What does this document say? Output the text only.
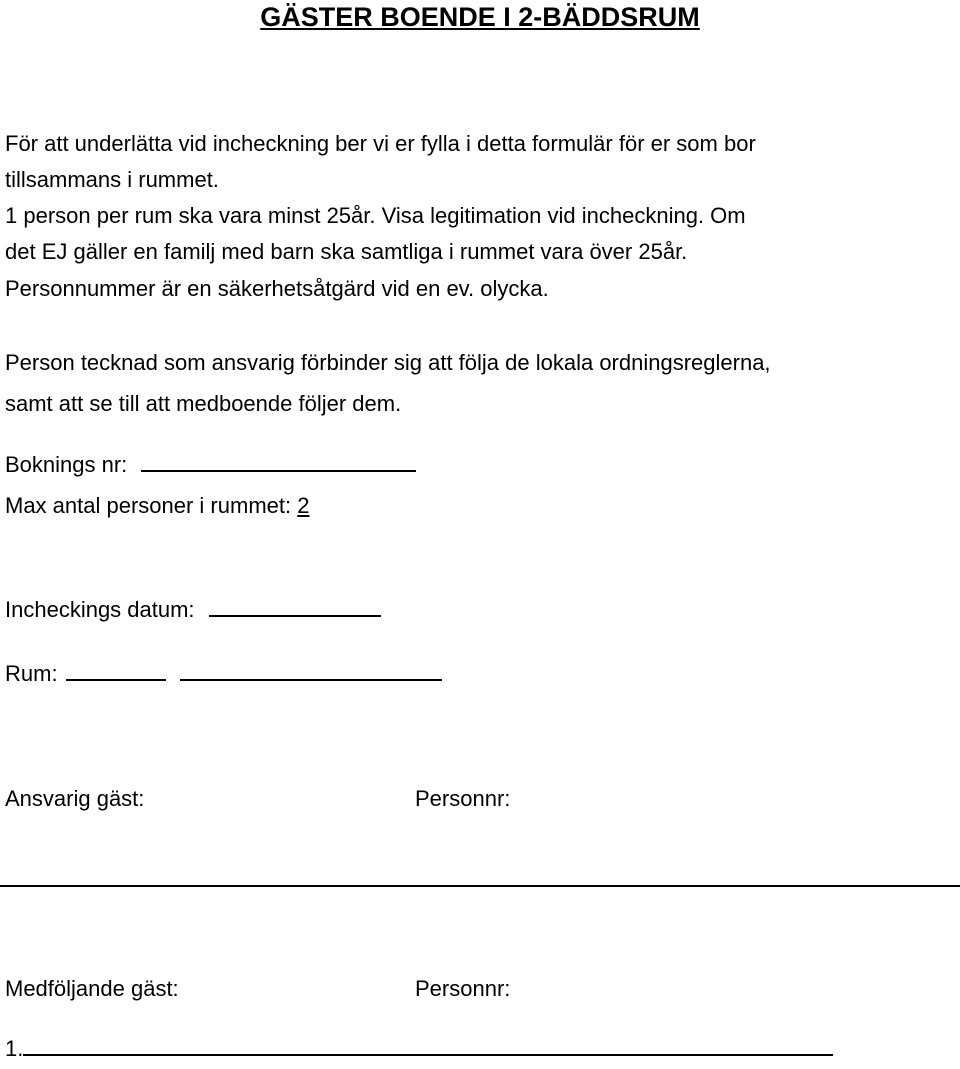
GÄSTER BOENDE I 2-BÄDDSRUM
För att underlätta vid incheckning ber vi er fylla i detta formulär för er som bor
tillsammans i rummet.
1 person per rum ska vara minst 25år. Visa legitimation vid incheckning. Om
det EJ gäller en familj med barn ska samtliga i rummet vara över 25år.
Personnummer är en säkerhetsåtgärd vid en ev. olycka.
Person tecknad som ansvarig förbinder sig att följa de lokala ordningsreglerna,
samt att se till att medboende följer dem.
Boknings nr:
Max antal personer i rummet: 2
Incheckings datum:
Rum:
Ansvarig gäst:	Personnr:
Medföljande gäst:	Personnr:
1.
